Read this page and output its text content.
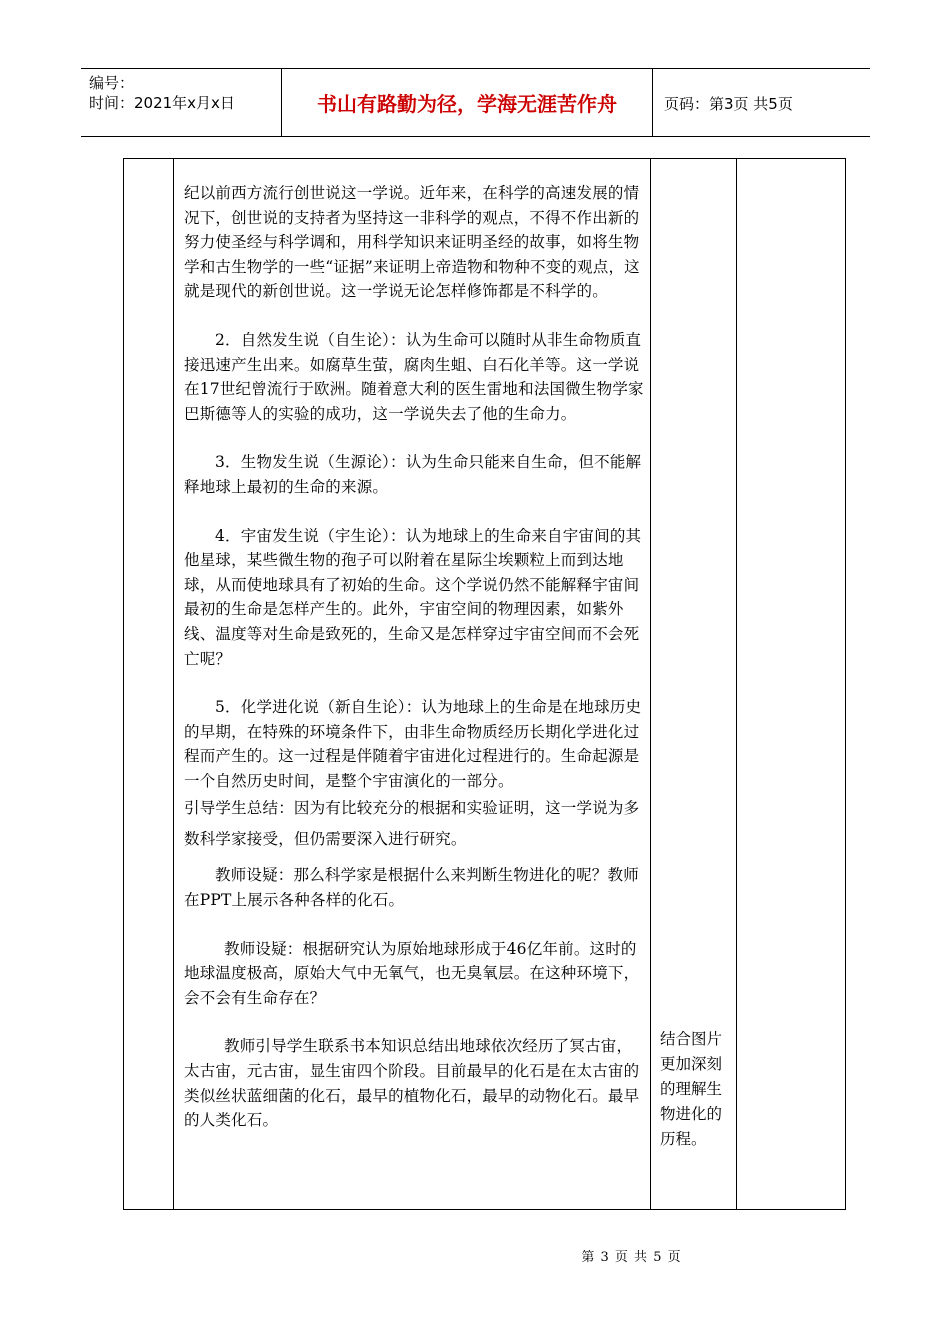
编号：
时间：2021年x月x日	书山有路勤为径，学海无涯苦作舟	页码：第3页 共5页

纪以前西方流行创世说这一学说。近年来，在科学的高速发展的情况下，创世说的支持者为坚持这一非科学的观点，不得不作出新的努力使圣经与科学调和，用科学知识来证明圣经的故事，如将生物学和古生物学的一些“证据”来证明上帝造物和物种不变的观点，这就是现代的新创世说。这一学说无论怎样修饰都是不科学的。

2．自然发生说（自生论）：认为生命可以随时从非生命物质直接迅速产生出来。如腐草生萤，腐肉生蛆、白石化羊等。这一学说在17世纪曾流行于欧洲。随着意大利的医生雷地和法国微生物学家巴斯德等人的实验的成功，这一学说失去了他的生命力。

3．生物发生说（生源论）：认为生命只能来自生命，但不能解释地球上最初的生命的来源。

4．宇宙发生说（宇生论）：认为地球上的生命来自宇宙间的其他星球，某些微生物的孢子可以附着在星际尘埃颗粒上而到达地球，从而使地球具有了初始的生命。这个学说仍然不能解释宇宙间最初的生命是怎样产生的。此外，宇宙空间的物理因素，如紫外线、温度等对生命是致死的，生命又是怎样穿过宇宙空间而不会死亡呢？

5．化学进化说（新自生论）：认为地球上的生命是在地球历史的早期，在特殊的环境条件下，由非生命物质经历长期化学进化过程而产生的。这一过程是伴随着宇宙进化过程进行的。生命起源是一个自然历史时间，是整个宇宙演化的一部分。

引导学生总结：因为有比较充分的根据和实验证明，这一学说为多数科学家接受，但仍需要深入进行研究。

教师设疑：那么科学家是根据什么来判断生物进化的呢？教师在PPT上展示各种各样的化石。

教师设疑：根据研究认为原始地球形成于46亿年前。这时的地球温度极高，原始大气中无氧气，也无臭氧层。在这种环境下，会不会有生命存在？

教师引导学生联系书本知识总结出地球依次经历了冥古宙，太古宙，元古宙，显生宙四个阶段。目前最早的化石是在太古宙的类似丝状蓝细菌的化石，最早的植物化石，最早的动物化石。最早的人类化石。

结合图片更加深刻的理解生物进化的历程。
第 3 页 共 5 页
